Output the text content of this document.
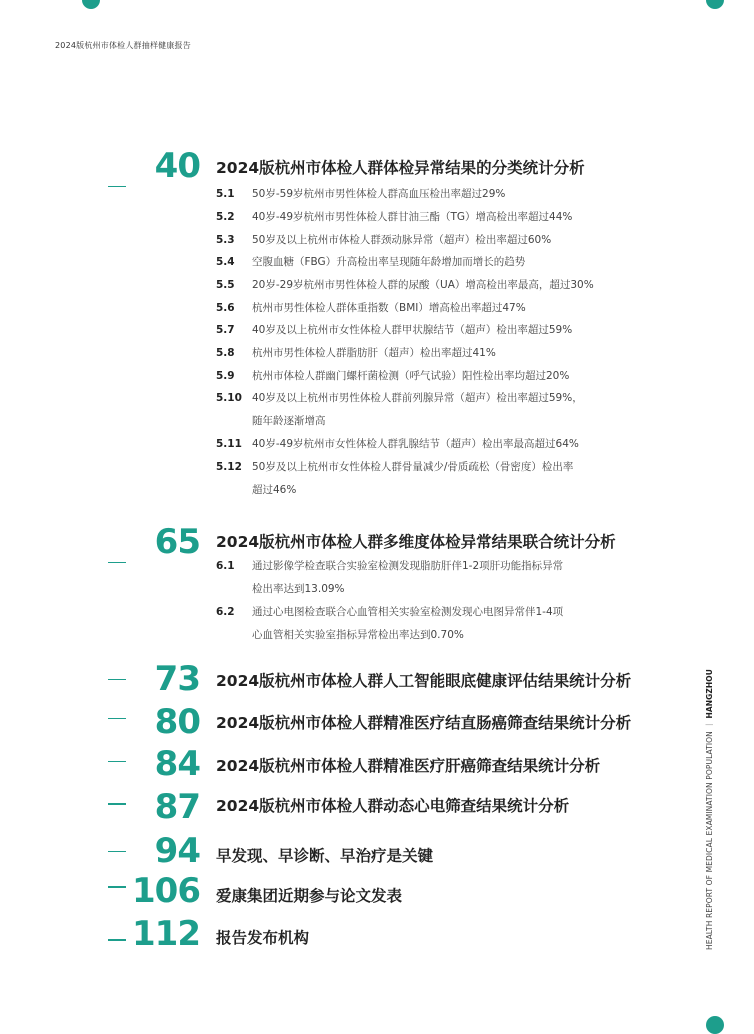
2024版杭州市体检人群抽样健康报告
HEALTH REPORT OF MEDICAL EXAMINATION POPULATION ｜ HANGZHOU
40 2024版杭州市体检人群体检异常结果的分类统计分析
5.1 50岁-59岁杭州市男性体检人群高血压检出率超过29%
5.2 40岁-49岁杭州市男性体检人群甘油三酯（TG）增高检出率超过44%
5.3 50岁及以上杭州市体检人群颈动脉异常（超声）检出率超过60%
5.4 空腹血糖（FBG）升高检出率呈现随年龄增加而增长的趋势
5.5 20岁-29岁杭州市男性体检人群的尿酸（UA）增高检出率最高，超过30%
5.6 杭州市男性体检人群体重指数（BMI）增高检出率超过47%
5.7 40岁及以上杭州市女性体检人群甲状腺结节（超声）检出率超过59%
5.8 杭州市男性体检人群脂肪肝（超声）检出率超过41%
5.9 杭州市体检人群幽门螺杆菌检测（呼气试验）阳性检出率均超过20%
5.10 40岁及以上杭州市男性体检人群前列腺异常（超声）检出率超过59%，
随年龄逐渐增高
5.11 40岁-49岁杭州市女性体检人群乳腺结节（超声）检出率最高超过64%
5.12 50岁及以上杭州市女性体检人群骨量减少/骨质疏松（骨密度）检出率
超过46%
65 2024版杭州市体检人群多维度体检异常结果联合统计分析
6.1 通过影像学检查联合实验室检测发现脂肪肝伴1-2项肝功能指标异常
检出率达到13.09%
6.2 通过心电图检查联合心血管相关实验室检测发现心电图异常伴1-4项
心血管相关实验室指标异常检出率达到0.70%
73 2024版杭州市体检人群人工智能眼底健康评估结果统计分析
80 2024版杭州市体检人群精准医疗结直肠癌筛查结果统计分析
84 2024版杭州市体检人群精准医疗肝癌筛查结果统计分析
87 2024版杭州市体检人群动态心电筛查结果统计分析
94 早发现、早诊断、早治疗是关键
106 爱康集团近期参与论文发表
112 报告发布机构
